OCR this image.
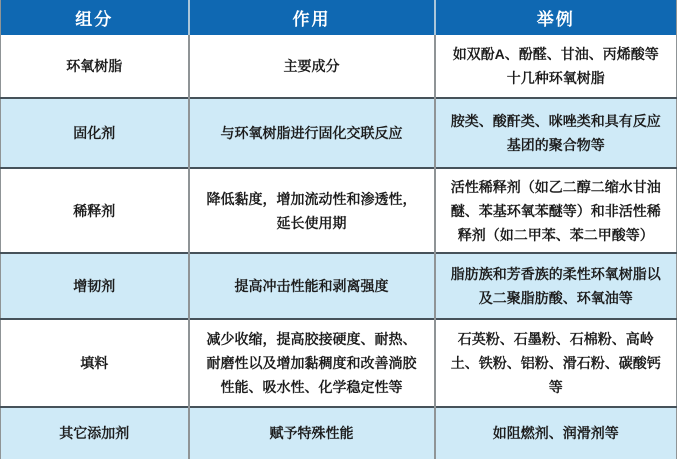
组分	作用	举例
环氧树脂	主要成分	如双酚A、酚醛、甘油、丙烯酸等十几种环氧树脂
固化剂	与环氧树脂进行固化交联反应	胺类、酸酐类、咪唑类和具有反应基团的聚合物等
稀释剂	降低黏度，增加流动性和渗透性，延长使用期	活性稀释剂（如乙二醇二缩水甘油醚、苯基环氧苯醚等）和非活性稀释剂（如二甲苯、苯二甲酸等）
增韧剂	提高冲击性能和剥离强度	脂肪族和芳香族的柔性环氧树脂以及二聚脂肪酸、环氧油等
填料	减少收缩，提高胶接硬度、耐热、耐磨性以及增加黏稠度和改善淌胶性能、吸水性、化学稳定性等	石英粉、石墨粉、石棉粉、高岭土、铁粉、铝粉、滑石粉、碳酸钙等
其它添加剂	赋予特殊性能	如阻燃剂、润滑剂等
